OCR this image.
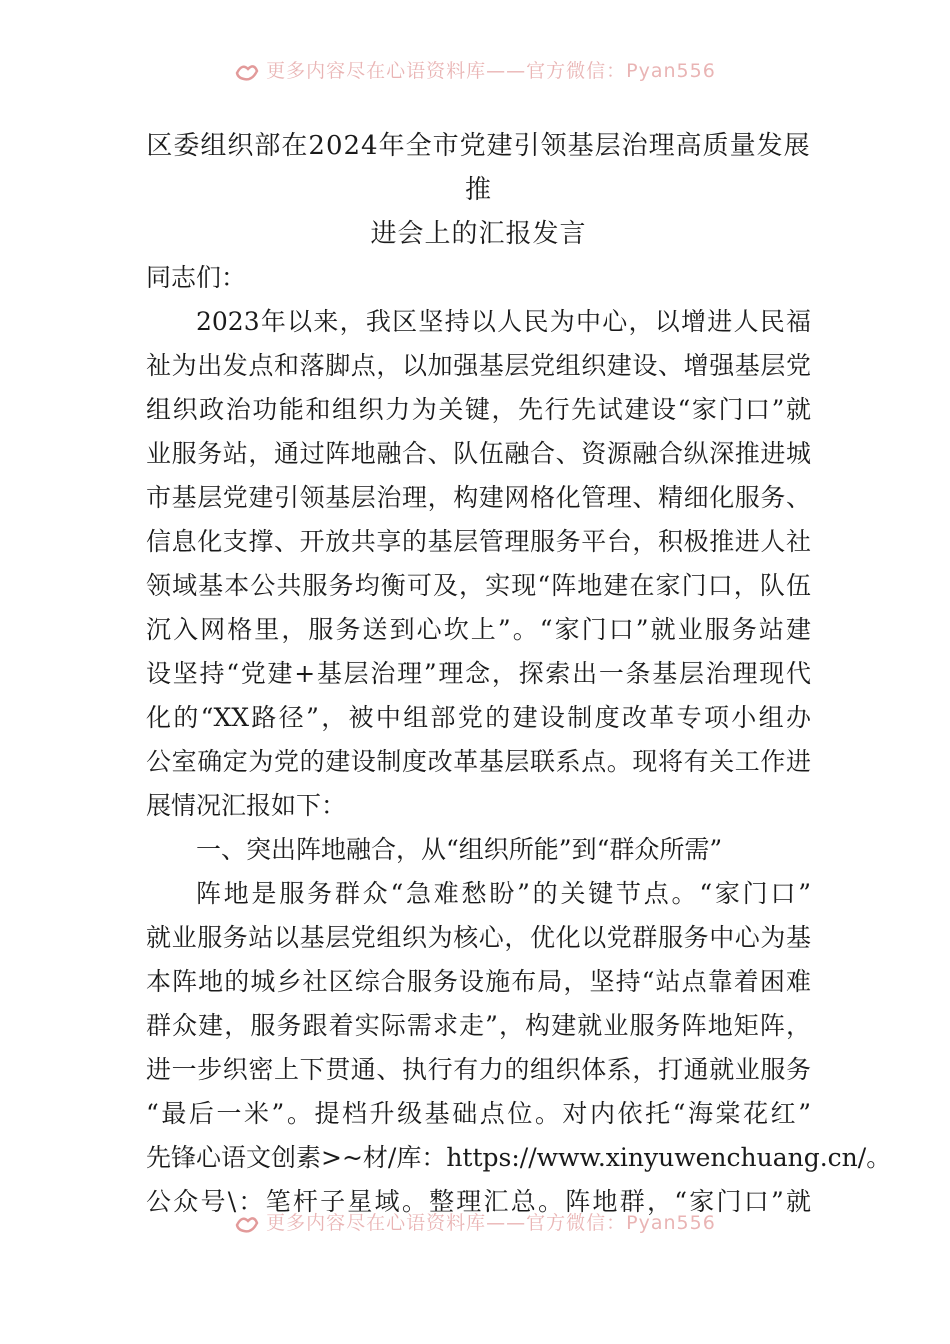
更多内容尽在心语资料库——官方微信：Pyan556
区委组织部在2024年全市党建引领基层治理高质量发展推
进会上的汇报发言
同志们：
2023年以来，我区坚持以人民为中心，以增进人民福
祉为出发点和落脚点，以加强基层党组织建设、增强基层党
组织政治功能和组织力为关键，先行先试建设“家门口”就
业服务站，通过阵地融合、队伍融合、资源融合纵深推进城
市基层党建引领基层治理，构建网格化管理、精细化服务、
信息化支撑、开放共享的基层管理服务平台，积极推进人社
领域基本公共服务均衡可及，实现“阵地建在家门口，队伍
沉入网格里，服务送到心坎上”。“家门口”就业服务站建
设坚持“党建+基层治理”理念，探索出一条基层治理现代
化的“XX路径”，被中组部党的建设制度改革专项小组办
公室确定为党的建设制度改革基层联系点。现将有关工作进
展情况汇报如下：
一、突出阵地融合，从“组织所能”到“群众所需”
阵地是服务群众“急难愁盼”的关键节点。“家门口”
就业服务站以基层党组织为核心，优化以党群服务中心为基
本阵地的城乡社区综合服务设施布局，坚持“站点靠着困难
群众建，服务跟着实际需求走”，构建就业服务阵地矩阵，
进一步织密上下贯通、执行有力的组织体系，打通就业服务
“最后一米”。提档升级基础点位。对内依托“海棠花红”
先锋心语文创素>~材/库：https://www.xinyuwenchuang.cn/。
公众号\：笔杆子星域。整理汇总。阵地群，“家门口”就
更多内容尽在心语资料库——官方微信：Pyan556
